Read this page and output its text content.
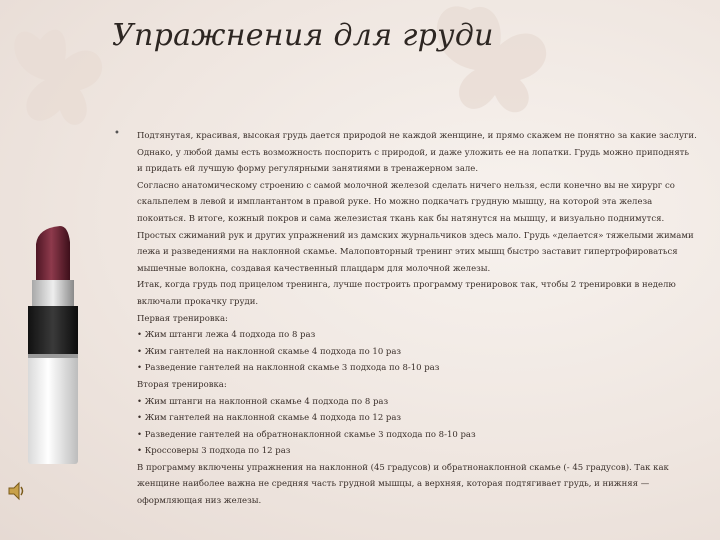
Упражнения для груди
• Подтянутая, красивая, высокая грудь дается природой не каждой женщине, и прямо скажем не понятно за какие заслуги.

Однако, у любой дамы есть возможность поспорить с природой, и даже уложить ее на лопатки. Грудь можно приподнять

и придать ей лучшую форму регулярными занятиями в тренажерном зале.

Согласно анатомическому строению с самой молочной железой сделать ничего нельзя, если конечно вы не хирург со

скальпелем в левой и имплантантом в правой руке. Но можно подкачать грудную мышцу, на которой эта железа

покоиться. В итоге, кожный покров и сама железистая ткань как бы натянутся на мышцу, и визуально поднимутся.

Простых сжиманий рук и других упражнений из дамских журнальчиков здесь мало. Грудь «делается» тяжелыми жимами

лежа и разведениями на наклонной скамье. Малоповторный тренинг этих мышц быстро заставит гипертрофироваться

мышечные волокна, создавая качественный плацдарм для молочной железы.

Итак, когда грудь под прицелом тренинга, лучше построить программу тренировок так, чтобы 2 тренировки в неделю

включали прокачку груди.

Первая тренировка:

• Жим штанги лежа 4 подхода по 8 раз

• Жим гантелей на наклонной скамье 4 подхода по 10 раз

• Разведение гантелей на наклонной скамье 3 подхода по 8-10 раз

Вторая тренировка:

• Жим штанги на наклонной скамье 4 подхода по 8 раз

• Жим гантелей на наклонной скамье 4 подхода по 12 раз

• Разведение гантелей на обратнонаклонной скамье 3 подхода по 8-10 раз

• Кроссоверы 3 подхода по 12 раз

В программу включены упражнения на наклонной (45 градусов) и обратнонаклонной скамье (- 45 градусов). Так как

женщине наиболее важна не средняя часть грудной мышцы, а верхняя, которая подтягивает грудь, и нижняя —

оформляющая низ железы.
